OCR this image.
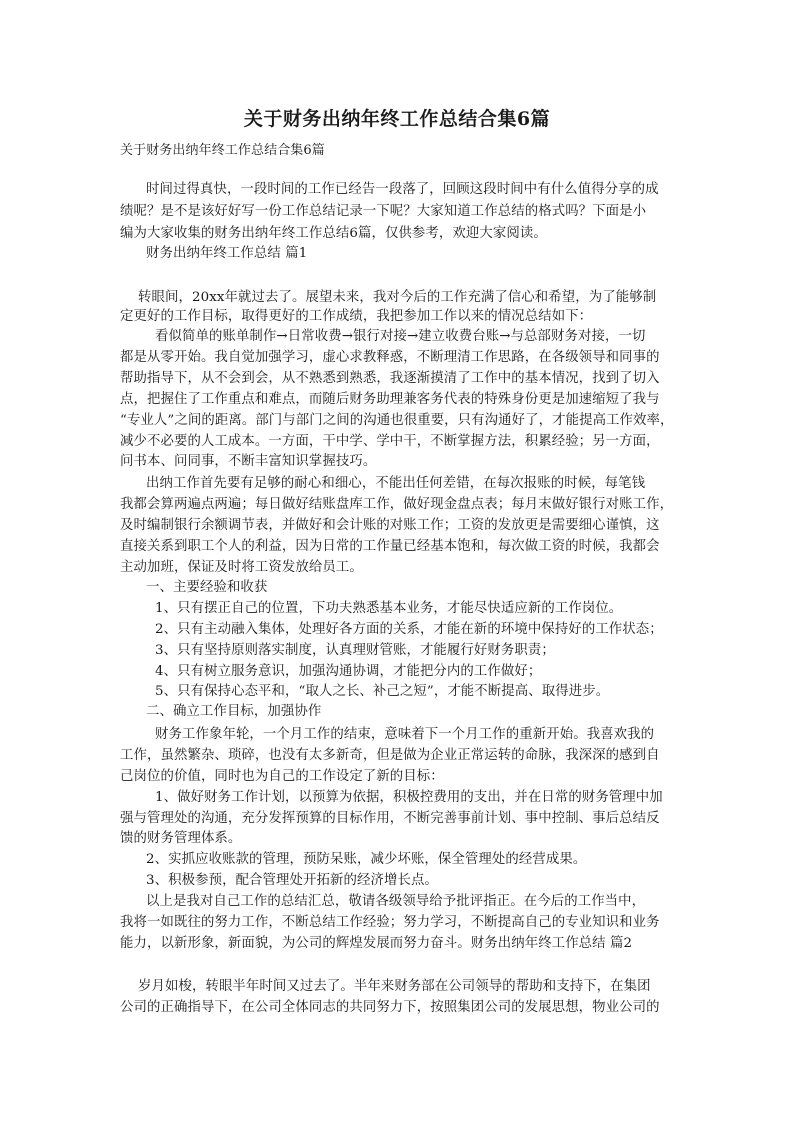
关于财务出纳年终工作总结合集6篇
关于财务出纳年终工作总结合集6篇
时间过得真快，一段时间的工作已经告一段落了，回顾这段时间中有什么值得分享的成
绩呢？是不是该好好写一份工作总结记录一下呢？大家知道工作总结的格式吗？下面是小
编为大家收集的财务出纳年终工作总结6篇，仅供参考，欢迎大家阅读。
财务出纳年终工作总结 篇1
转眼间，20xx年就过去了。展望未来，我对今后的工作充满了信心和希望，为了能够制
定更好的工作目标，取得更好的工作成绩，我把参加工作以来的情况总结如下：
看似简单的账单制作→日常收费→银行对接→建立收费台账→与总部财务对接，一切
都是从零开始。我自觉加强学习，虚心求教释惑，不断理清工作思路，在各级领导和同事的
帮助指导下，从不会到会，从不熟悉到熟悉，我逐渐摸清了工作中的基本情况，找到了切入
点，把握住了工作重点和难点，而随后财务助理兼客务代表的特殊身份更是加速缩短了我与
“专业人”之间的距离。部门与部门之间的沟通也很重要，只有沟通好了，才能提高工作效率，
减少不必要的人工成本。一方面，干中学、学中干，不断掌握方法，积累经验；另一方面，
问书本、问同事，不断丰富知识掌握技巧。
出纳工作首先要有足够的耐心和细心，不能出任何差错，在每次报账的时候，每笔钱
我都会算两遍点两遍；每日做好结账盘库工作，做好现金盘点表；每月末做好银行对账工作，
及时编制银行余额调节表，并做好和会计账的对账工作；工资的发放更是需要细心谨慎，这
直接关系到职工个人的利益，因为日常的工作量已经基本饱和，每次做工资的时候，我都会
主动加班，保证及时将工资发放给员工。
一、主要经验和收获
1、只有摆正自己的位置，下功夫熟悉基本业务，才能尽快适应新的工作岗位。
2、只有主动融入集体，处理好各方面的关系，才能在新的环境中保持好的工作状态；
3、只有坚持原则落实制度，认真理财管账，才能履行好财务职责；
4、只有树立服务意识，加强沟通协调，才能把分内的工作做好；
5、只有保持心态平和，“取人之长、补己之短”，才能不断提高、取得进步。
二、确立工作目标，加强协作
财务工作象年轮，一个月工作的结束，意味着下一个月工作的重新开始。我喜欢我的
工作，虽然繁杂、琐碎，也没有太多新奇，但是做为企业正常运转的命脉，我深深的感到自
己岗位的价值，同时也为自己的工作设定了新的目标：
1、做好财务工作计划，以预算为依据，积极控费用的支出，并在日常的财务管理中加
强与管理处的沟通，充分发挥预算的目标作用，不断完善事前计划、事中控制、事后总结反
馈的财务管理体系。
2、实抓应收账款的管理，预防呆账，减少坏账，保全管理处的经营成果。
3、积极参预，配合管理处开拓新的经济增长点。
以上是我对自己工作的总结汇总，敬请各级领导给予批评指正。在今后的工作当中，
我将一如既往的努力工作，不断总结工作经验；努力学习，不断提高自己的专业知识和业务
能力，以新形象，新面貌，为公司的辉煌发展而努力奋斗。财务出纳年终工作总结 篇2
岁月如梭，转眼半年时间又过去了。半年来财务部在公司领导的帮助和支持下，在集团
公司的正确指导下，在公司全体同志的共同努力下，按照集团公司的发展思想，物业公司的
